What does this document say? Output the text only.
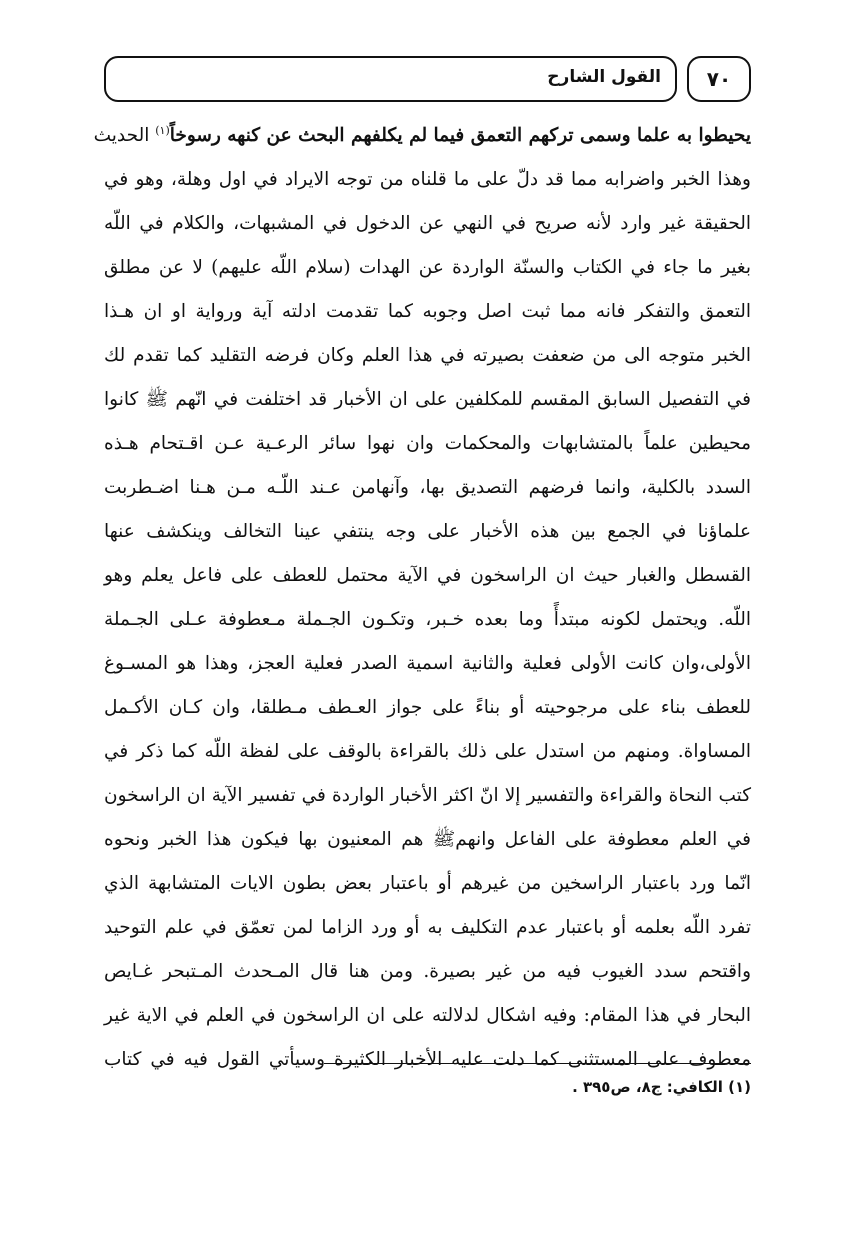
القول الشارح	٧٠
يحيطوا به علما وسمى تركهم التعمق فيما لم يكلفهم البحث عن كنهه رسوخاً$^{(١)}$ الحديث
وهذا الخبر واضرابه مما قد دلّ على ما قلناه من توجه الايراد في اول وهلة، وهو في
الحقيقة غير وارد لأنه صريح في النهي عن الدخول في المشبهات، والكلام في اللّه
بغير ما جاء في الكتاب والسنّة الواردة عن الهدات (سلام اللّه عليهم) لا عن مطلق
التعمق والتفكر فانه مما ثبت اصل وجوبه كما تقدمت ادلته آية ورواية او ان هـذا
الخبر متوجه الى من ضعفت بصيرته في هذا العلم وكان فرضه التقليد كما تقدم لك
في التفصيل السابق المقسم للمكلفين على ان الأخبار قد اختلفت في انّهم ﷺ كانوا
محيطين علماً بالمتشابهات والمحكمات وان نهوا سائر الرعـية عـن اقـتحام هـذه
السدد بالكلية، وانما فرضهم التصديق بها، وآنهامن عـند اللّـه مـن هـنا اضـطربت
علماؤنا في الجمع بين هذه الأخبار على وجه ينتفي عينا التخالف وينكشف عنها
القسطل والغبار حيث ان الراسخون في الآية محتمل للعطف على فاعل يعلم وهو
اللّه. ويحتمل لكونه مبتدأً وما بعده خـبر، وتكـون الجـملة مـعطوفة عـلى الجـملة
الأولى،وان كانت الأولى فعلية والثانية اسمية الصدر فعلية العجز، وهذا هو المسـوغ
للعطف بناء على مرجوحيته أو بناءً على جواز العـطف مـطلقا، وان كـان الأكـمل
المساواة. ومنهم من استدل على ذلك بالقراءة بالوقف على لفظة اللّه كما ذكر في
كتب النحاة والقراءة والتفسير إلا انّ اكثر الأخبار الواردة في تفسير الآية ان الراسخون
في العلم معطوفة على الفاعل وانهمﷺ هم المعنيون بها فيكون هذا الخبر ونحوه
انّما ورد باعتبار الراسخين من غيرهم أو باعتبار بعض بطون الايات المتشابهة الذي
تفرد اللّه بعلمه أو باعتبار عدم التكليف به أو ورد الزاما لمن تعمّق في علم التوحيد
واقتحم سدد الغيوب فيه من غير بصيرة. ومن هنا قال المـحدث المـتبحر غـايص
البحار في هذا المقام: وفيه اشكال لدلالته على ان الراسخون في العلم في الاية غير
معطوف على المستثنى كما دلت عليه الأخبار الكثيرة وسيأتي القول فيه في كتاب
(١) الكافي: ج٨، ص٣٩٥ .
